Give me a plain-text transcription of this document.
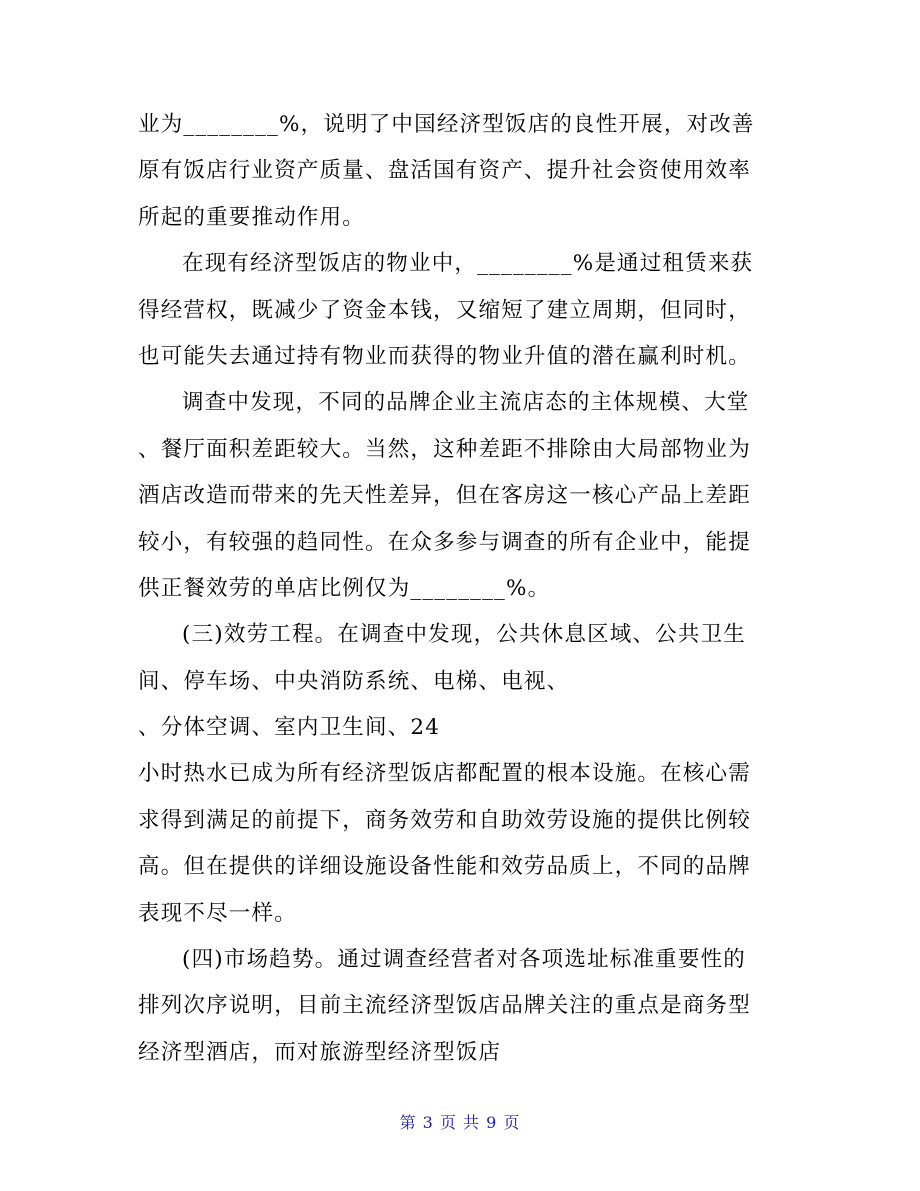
业为________%，说明了中国经济型饭店的良性开展，对改善
原有饭店行业资产质量、盘活国有资产、提升社会资使用效率
所起的重要推动作用。
在现有经济型饭店的物业中，________%是通过租赁来获
得经营权，既减少了资金本钱，又缩短了建立周期，但同时，
也可能失去通过持有物业而获得的物业升值的潜在赢利时机。
调查中发现，不同的品牌企业主流店态的主体规模、大堂
、餐厅面积差距较大。当然，这种差距不排除由大局部物业为
酒店改造而带来的先天性差异，但在客房这一核心产品上差距
较小，有较强的趋同性。在众多参与调查的所有企业中，能提
供正餐效劳的单店比例仅为________%。
(三)效劳工程。在调查中发现，公共休息区域、公共卫生
间、停车场、中央消防系统、电梯、电视、
、分体空调、室内卫生间、24
小时热水已成为所有经济型饭店都配置的根本设施。在核心需
求得到满足的前提下，商务效劳和自助效劳设施的提供比例较
高。但在提供的详细设施设备性能和效劳品质上，不同的品牌
表现不尽一样。
(四)市场趋势。通过调查经营者对各项选址标准重要性的
排列次序说明，目前主流经济型饭店品牌关注的重点是商务型
经济型酒店，而对旅游型经济型饭店
第 3 页 共 9 页
